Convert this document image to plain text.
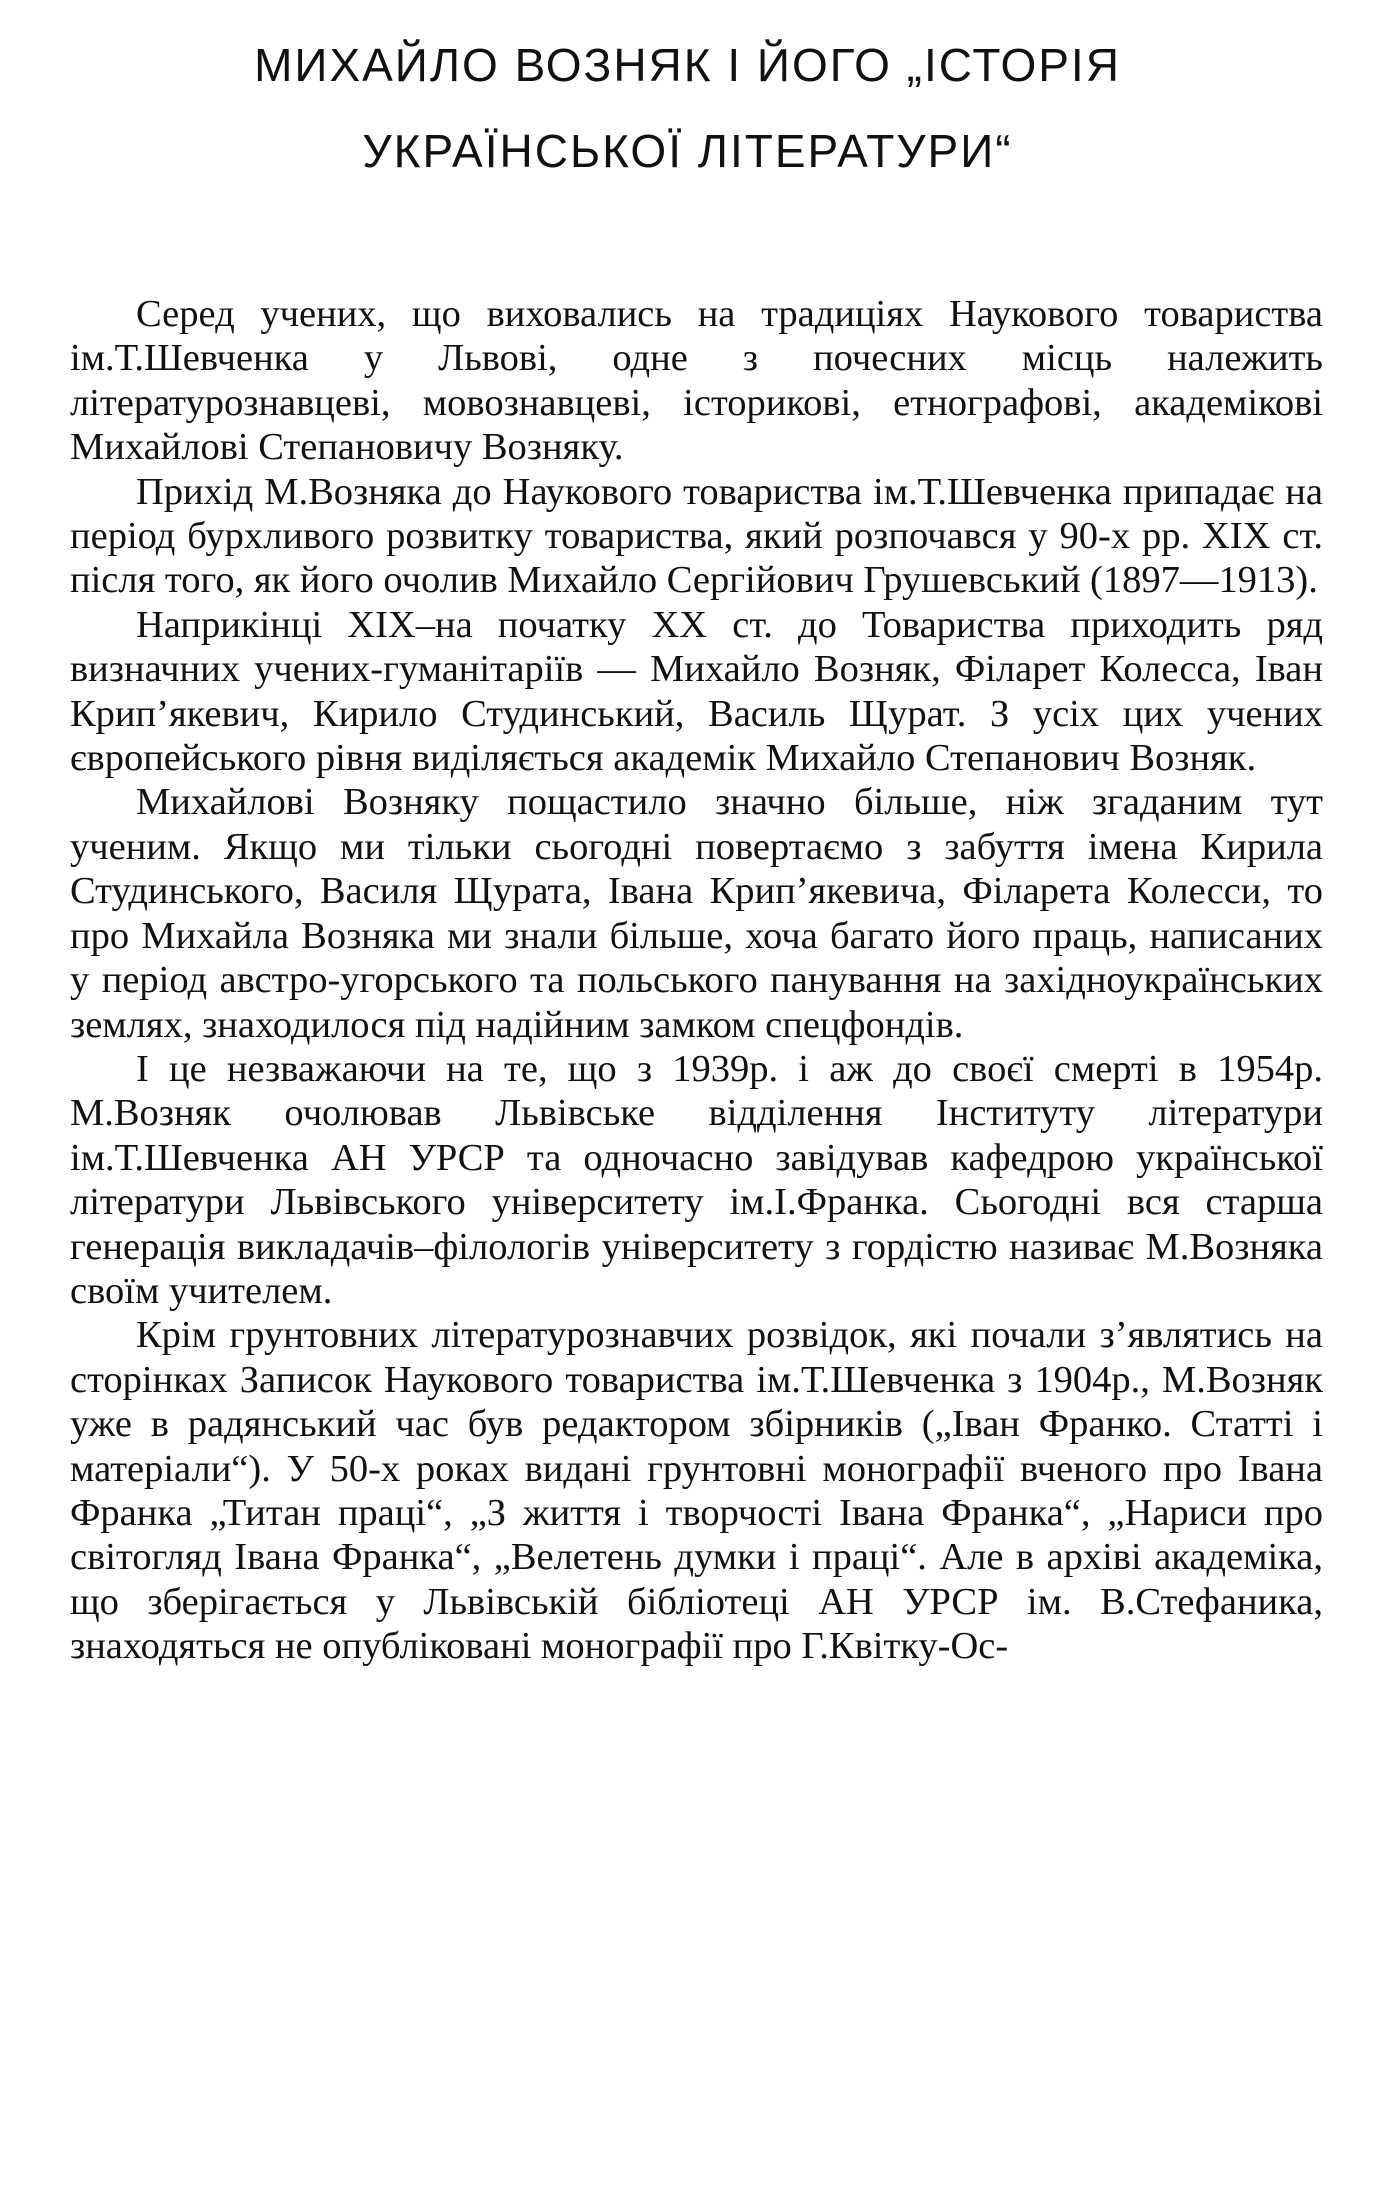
МИХАЙЛО ВОЗНЯК І ЙОГО „ІСТОРІЯ
УКРАЇНСЬКОЇ ЛІТЕРАТУРИ“

Серед учених, що виховались на традиціях Наукового товариства ім.Т.Шевченка у Львові, одне з почесних місць належить літературознавцеві, мовознавцеві, історикові, етнографові, академікові Михайлові Степановичу Возняку.

Прихід М.Возняка до Наукового товариства ім.Т.Шевченка припадає на період бурхливого розвитку товариства, який розпочався у 90-х рр. XIX ст. після того, як його очолив Михайло Сергійович Грушевський (1897—1913).

Наприкінці XIX–на початку XX ст. до Товариства приходить ряд визначних учених-гуманітаріїв — Михайло Возняк, Філарет Колесса, Іван Крип’якевич, Кирило Студинський, Василь Щурат. З усіх цих учених європейського рівня виділяється академік Михайло Степанович Возняк.

Михайлові Возняку пощастило значно більше, ніж згаданим тут ученим. Якщо ми тільки сьогодні повертаємо з забуття імена Кирила Студинського, Василя Щурата, Івана Крип’якевича, Філарета Колесси, то про Михайла Возняка ми знали більше, хоча багато його праць, написаних у період австро-угорського та польського панування на західноукраїнських землях, знаходилося під надійним замком спецфондів.

І це незважаючи на те, що з 1939р. і аж до своєї смерті в 1954р. М.Возняк очолював Львівське відділення Інституту літератури ім.Т.Шевченка АН УРСР та одночасно завідував кафедрою української літератури Львівського університету ім.І.Франка. Сьогодні вся старша генерація викладачів–філологів університету з гордістю називає М.Возняка своїм учителем.

Крім грунтовних літературознавчих розвідок, які почали з’являтись на сторінках Записок Наукового товариства ім.Т.Шевченка з 1904р., М.Возняк уже в радянський час був редактором збірників („Іван Франко. Статті і матеріали“). У 50-х роках видані грунтовні монографії вченого про Івана Франка „Титан праці“, „З життя і творчості Івана Франка“, „Нариси про світогляд Івана Франка“, „Велетень думки і праці“. Але в архіві академіка, що зберігається у Львівській бібліотеці АН УРСР ім. В.Стефаника, знаходяться не опубліковані монографії про Г.Квітку-Ос-
